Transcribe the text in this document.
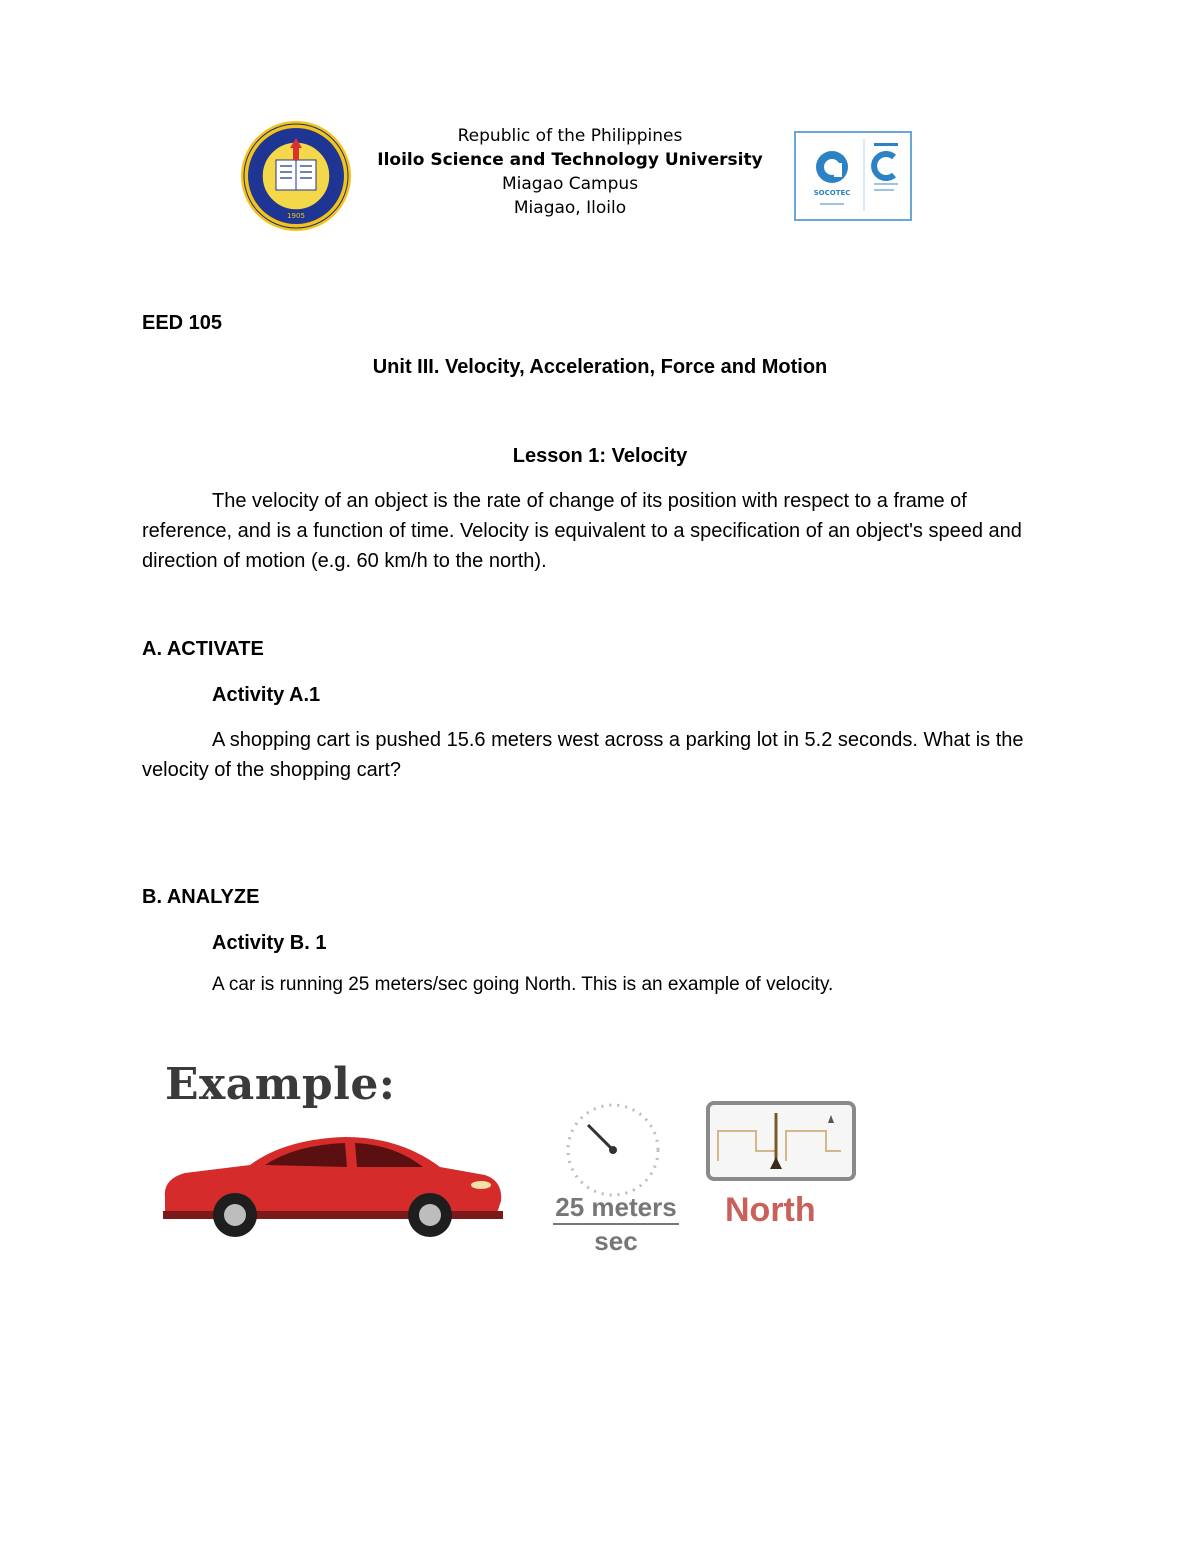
1905
Republic of the Philippines
Iloilo Science and Technology University
Miagao Campus
Miagao, Iloilo
SOCOTEC
EED 105
Unit III. Velocity, Acceleration, Force and Motion
Lesson 1: Velocity
The velocity of an object is the rate of change of its position with respect to a frame of reference, and is a function of time. Velocity is equivalent to a specification of an object's speed and direction of motion (e.g. 60 km/h to the north).
A. ACTIVATE
Activity A.1
A shopping cart is pushed 15.6 meters west across a parking lot in 5.2 seconds. What is the velocity of the shopping cart?
B. ANALYZE
Activity B. 1
A car is running 25 meters/sec going North. This is an example of velocity.
Example:
25 meters
sec
North
